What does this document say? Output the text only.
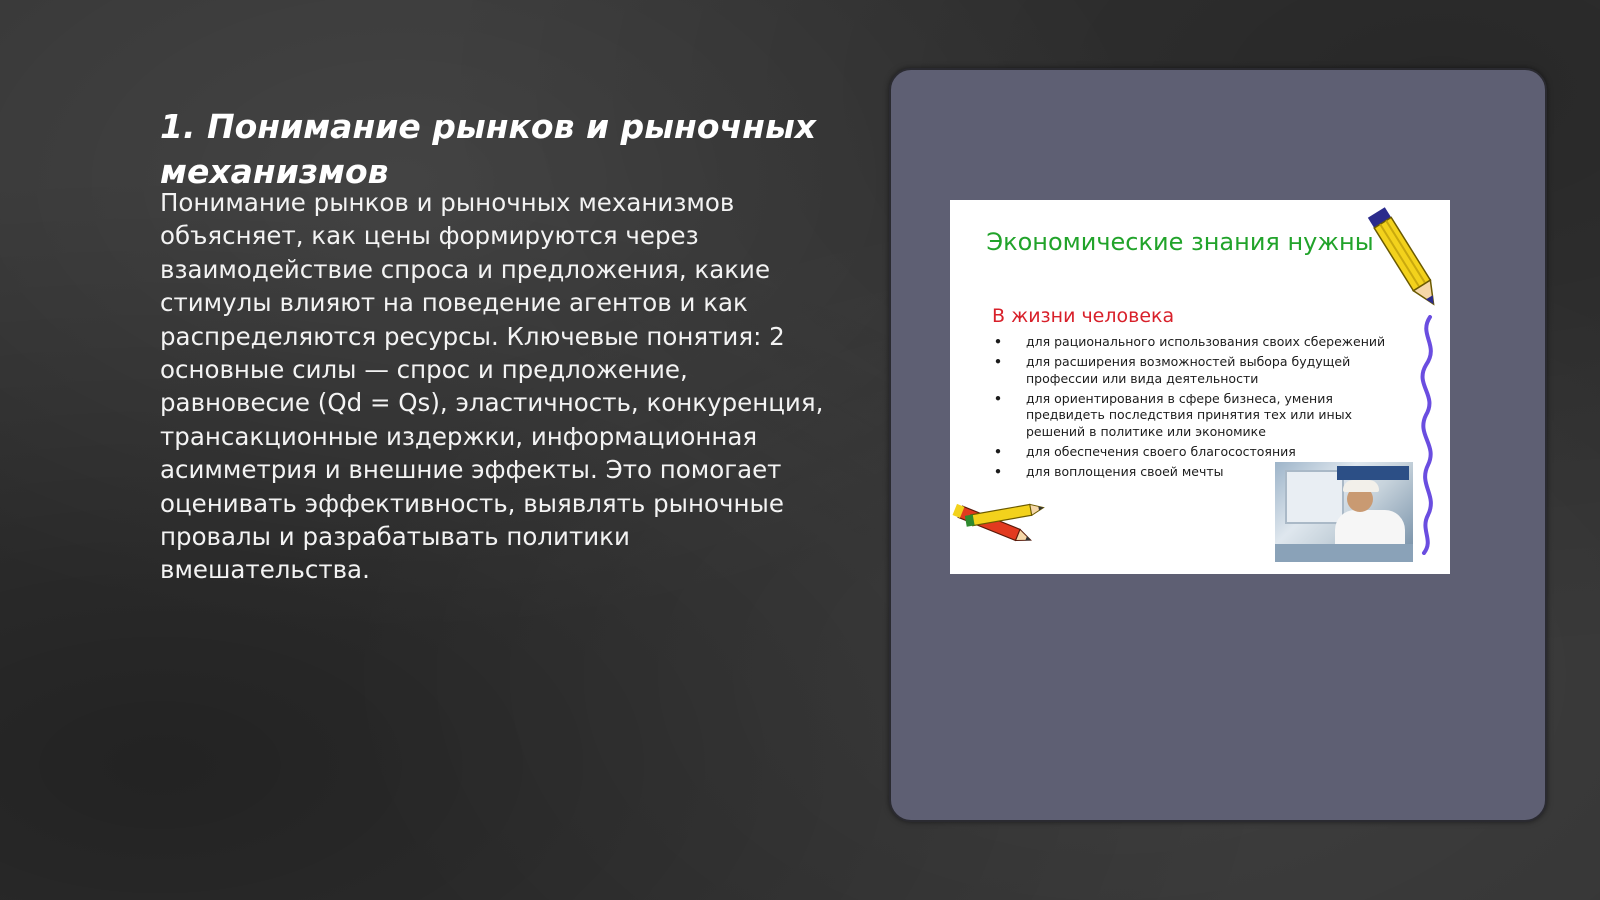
1. Понимание рынков и рыночных механизмов

Понимание рынков и рыночных механизмов объясняет, как цены формируются через взаимодействие спроса и предложения, какие стимулы влияют на поведение агентов и как распределяются ресурсы. Ключевые понятия: 2 основные силы — спрос и предложение, равновесие (Qd = Qs), эластичность, конкуренция, трансакционные издержки, информационная асимметрия и внешние эффекты. Это помогает оценивать эффективность, выявлять рыночные провалы и разрабатывать политики вмешательства.

Экономические знания нужны
В жизни человека
• для рационального использования своих сбережений
• для расширения возможностей выбора будущей профессии или вида деятельности
• для ориентирования в сфере бизнеса, умения предвидеть последствия принятия тех или иных решений в политике или экономике
• для обеспечения своего благосостояния
• для воплощения своей мечты
